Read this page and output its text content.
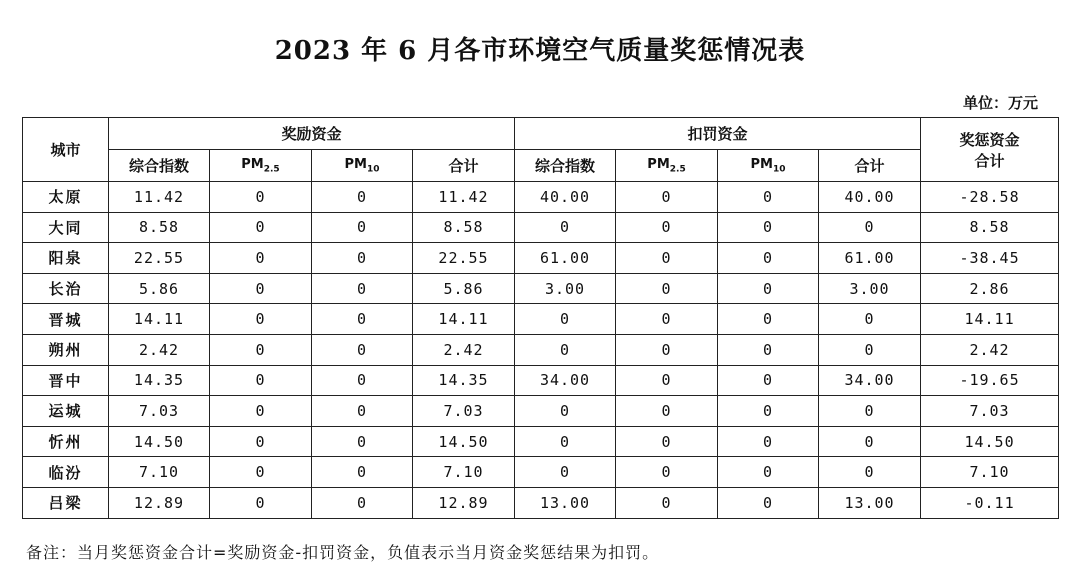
2023 年 6 月各市环境空气质量奖惩情况表
单位：万元
城市	奖励资金				扣罚资金				奖惩资金
合计

	综合指数	$PM_{2.5}$	$PM_{10}$	合计	综合指数	$PM_{2.5}$	$PM_{10}$	合计	
太原	11.42	0	0	11.42	40.00	0	0	40.00	-28.58
大同	8.58	0	0	8.58	0	0	0	0	8.58
阳泉	22.55	0	0	22.55	61.00	0	0	61.00	-38.45
长治	5.86	0	0	5.86	3.00	0	0	3.00	2.86
晋城	14.11	0	0	14.11	0	0	0	0	14.11
朔州	2.42	0	0	2.42	0	0	0	0	2.42
晋中	14.35	0	0	14.35	34.00	0	0	34.00	-19.65
运城	7.03	0	0	7.03	0	0	0	0	7.03
忻州	14.50	0	0	14.50	0	0	0	0	14.50
临汾	7.10	0	0	7.10	0	0	0	0	7.10
吕梁	12.89	0	0	12.89	13.00	0	0	13.00	-0.11
备注：当月奖惩资金合计=奖励资金-扣罚资金，负值表示当月资金奖惩结果为扣罚。
